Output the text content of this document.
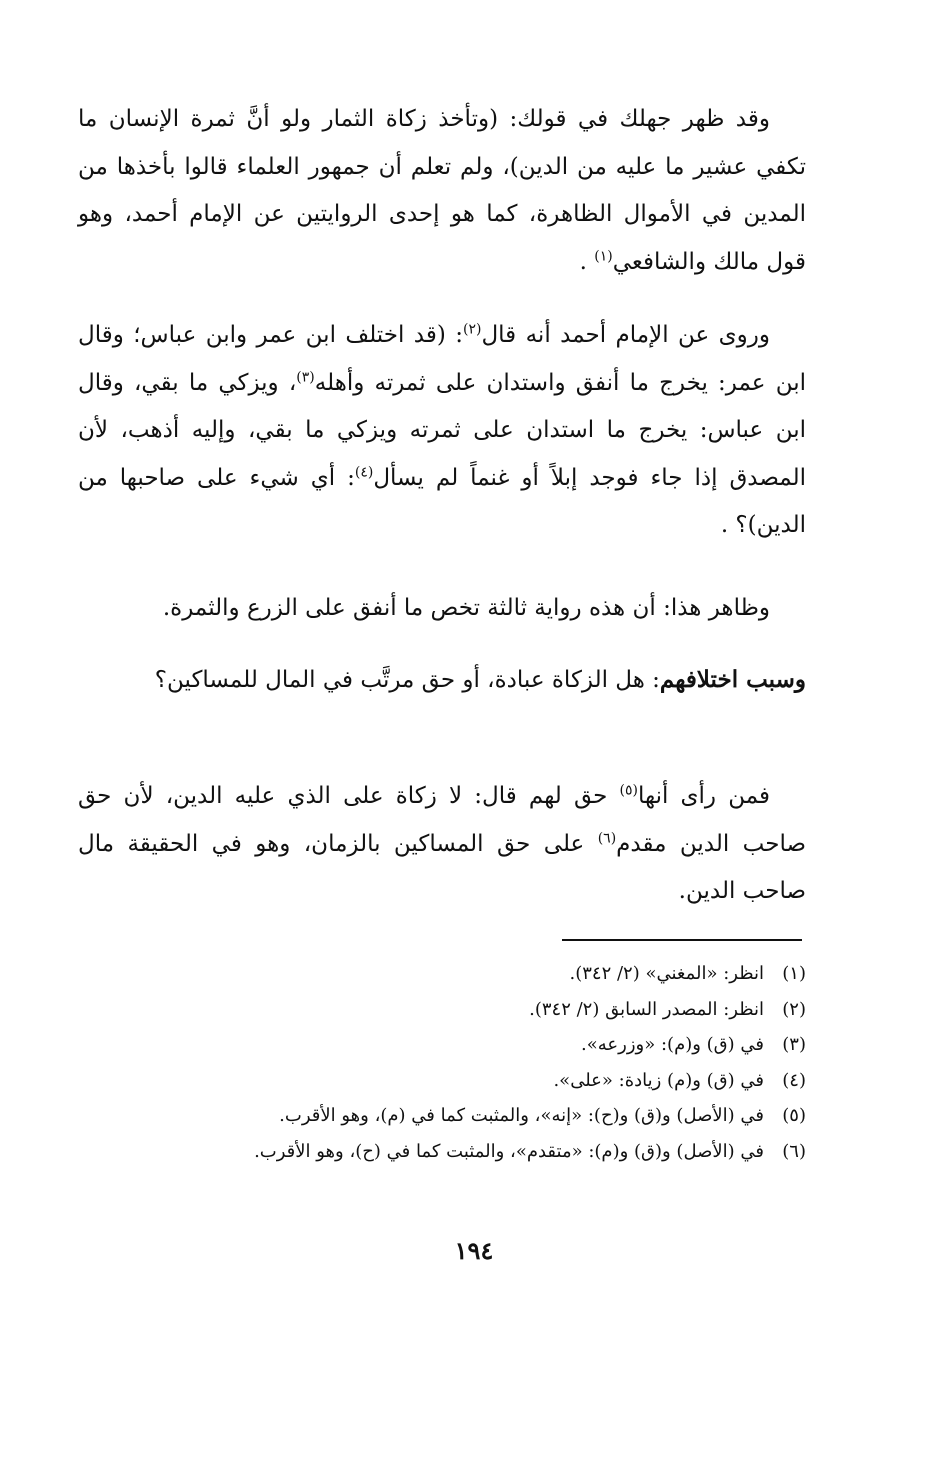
وقد ظهر جهلك في قولك: (وتأخذ زكاة الثمار ولو أنَّ ثمرة الإنسان ما تكفي عشير ما عليه من الدين)، ولم تعلم أن جمهور العلماء قالوا بأخذها من المدين في الأموال الظاهرة، كما هو إحدى الروايتين عن الإمام أحمد، وهو قول مالك والشافعي$^{(١)}$ .

وروى عن الإمام أحمد أنه قال$^{(٢)}$: (قد اختلف ابن عمر وابن عباس؛ وقال ابن عمر: يخرج ما أنفق واستدان على ثمرته وأهله$^{(٣)}$، ويزكي ما بقي، وقال ابن عباس: يخرج ما استدان على ثمرته ويزكي ما بقي، وإليه أذهب، لأن المصدق إذا جاء فوجد إبلاً أو غنماً لم يسأل$^{(٤)}$: أي شيء على صاحبها من الدين)؟ .

وظاهر هذا: أن هذه رواية ثالثة تخص ما أنفق على الزرع والثمرة.

وسبب اختلافهم: هل الزكاة عبادة، أو حق مرتَّب في المال للمساكين؟

فمن رأى أنها$^{(٥)}$ حق لهم قال: لا زكاة على الذي عليه الدين، لأن حق صاحب الدين مقدم$^{(٦)}$ على حق المساكين بالزمان، وهو في الحقيقة مال صاحب الدين.

(١)انظر: «المغني» (٢/ ٣٤٢).
(٢)انظر: المصدر السابق (٢/ ٣٤٢).
(٣)في (ق) و(م): «وزرعه».
(٤)في (ق) و(م) زيادة: «على».
(٥)في (الأصل) و(ق) و(ح): «إنه»، والمثبت كما في (م)، وهو الأقرب.
(٦)في (الأصل) و(ق) و(م): «متقدم»، والمثبت كما في (ح)، وهو الأقرب.
١٩٤
